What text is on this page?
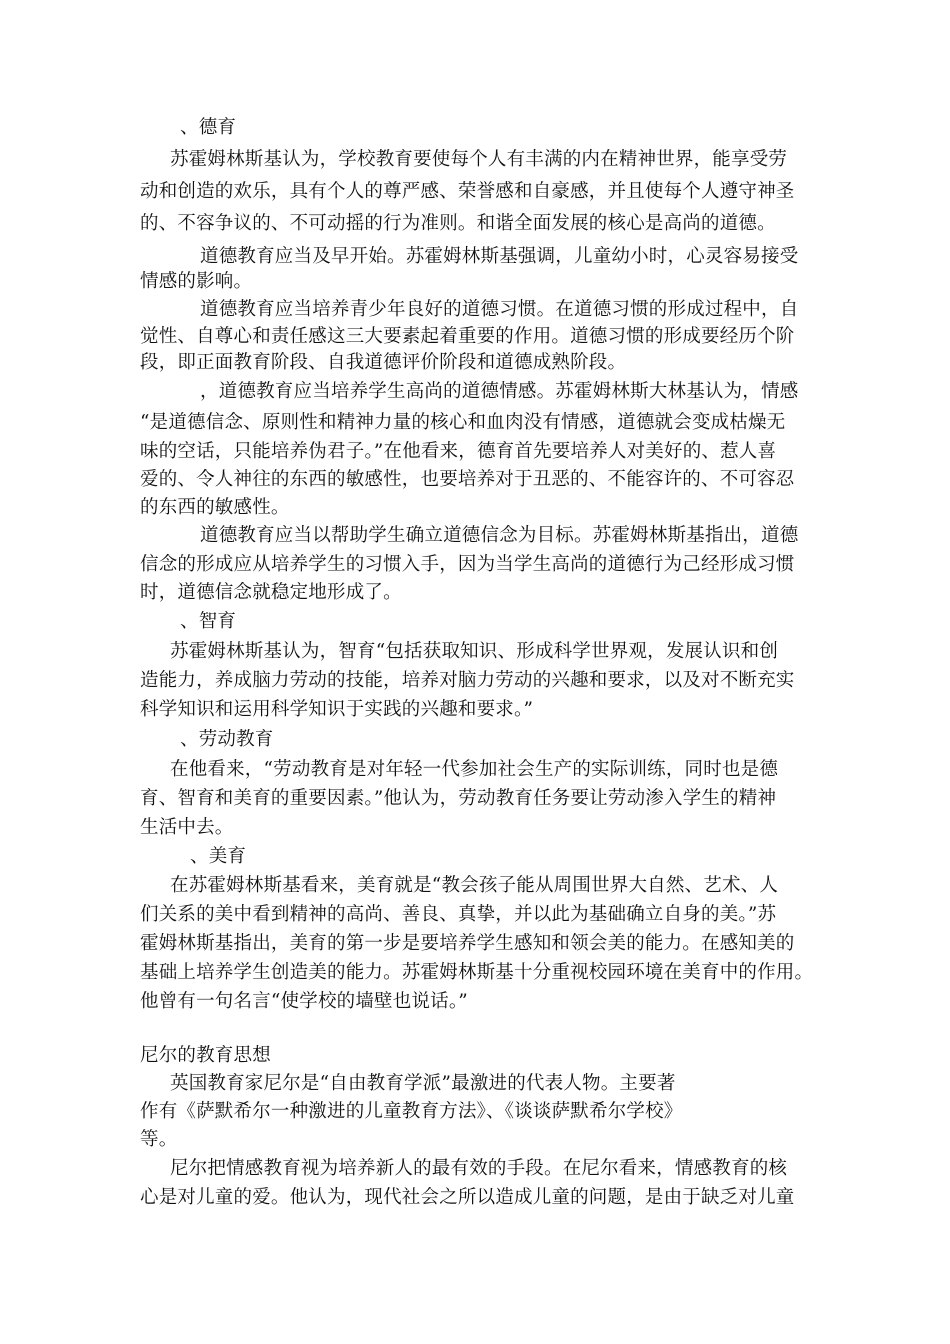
、德育
苏霍姆林斯基认为，学校教育要使每个人有丰满的内在精神世界，能享受劳
动和创造的欢乐，具有个人的尊严感、荣誉感和自豪感，并且使每个人遵守神圣
的、不容争议的、不可动摇的行为准则。和谐全面发展的核心是高尚的道德。
道德教育应当及早开始。苏霍姆林斯基强调，儿童幼小时，心灵容易接受
情感的影响。
道德教育应当培养青少年良好的道德习惯。在道德习惯的形成过程中，自
觉性、自尊心和责任感这三大要素起着重要的作用。道德习惯的形成要经历个阶
段，即正面教育阶段、自我道德评价阶段和道德成熟阶段。
，道德教育应当培养学生高尚的道德情感。苏霍姆林斯大林基认为，情感
“是道德信念、原则性和精神力量的核心和血肉没有情感，道德就会变成枯燥无
味的空话，只能培养伪君子。”在他看来，德育首先要培养人对美好的、惹人喜
爱的、令人神往的东西的敏感性，也要培养对于丑恶的、不能容许的、不可容忍
的东西的敏感性。
道德教育应当以帮助学生确立道德信念为目标。苏霍姆林斯基指出，道德
信念的形成应从培养学生的习惯入手，因为当学生高尚的道德行为己经形成习惯
时，道德信念就稳定地形成了。
、智育
苏霍姆林斯基认为，智育“包括获取知识、形成科学世界观，发展认识和创
造能力，养成脑力劳动的技能，培养对脑力劳动的兴趣和要求，以及对不断充实
科学知识和运用科学知识于实践的兴趣和要求。”
、劳动教育
在他看来，“劳动教育是对年轻一代参加社会生产的实际训练，同时也是德
育、智育和美育的重要因素。”他认为，劳动教育任务要让劳动渗入学生的精神
生活中去。
、美育
在苏霍姆林斯基看来，美育就是“教会孩子能从周围世界大自然、艺术、人
们关系的美中看到精神的高尚、善良、真挚，并以此为基础确立自身的美。”苏
霍姆林斯基指出，美育的第一步是要培养学生感知和领会美的能力。在感知美的
基础上培养学生创造美的能力。苏霍姆林斯基十分重视校园环境在美育中的作用。
他曾有一句名言“使学校的墙壁也说话。”
尼尔的教育思想
英国教育家尼尔是“自由教育学派”最激进的代表人物。主要著
作有《萨默希尔一种激进的儿童教育方法》、《谈谈萨默希尔学校》
等。
尼尔把情感教育视为培养新人的最有效的手段。在尼尔看来，情感教育的核
心是对儿童的爱。他认为，现代社会之所以造成儿童的问题，是由于缺乏对儿童
